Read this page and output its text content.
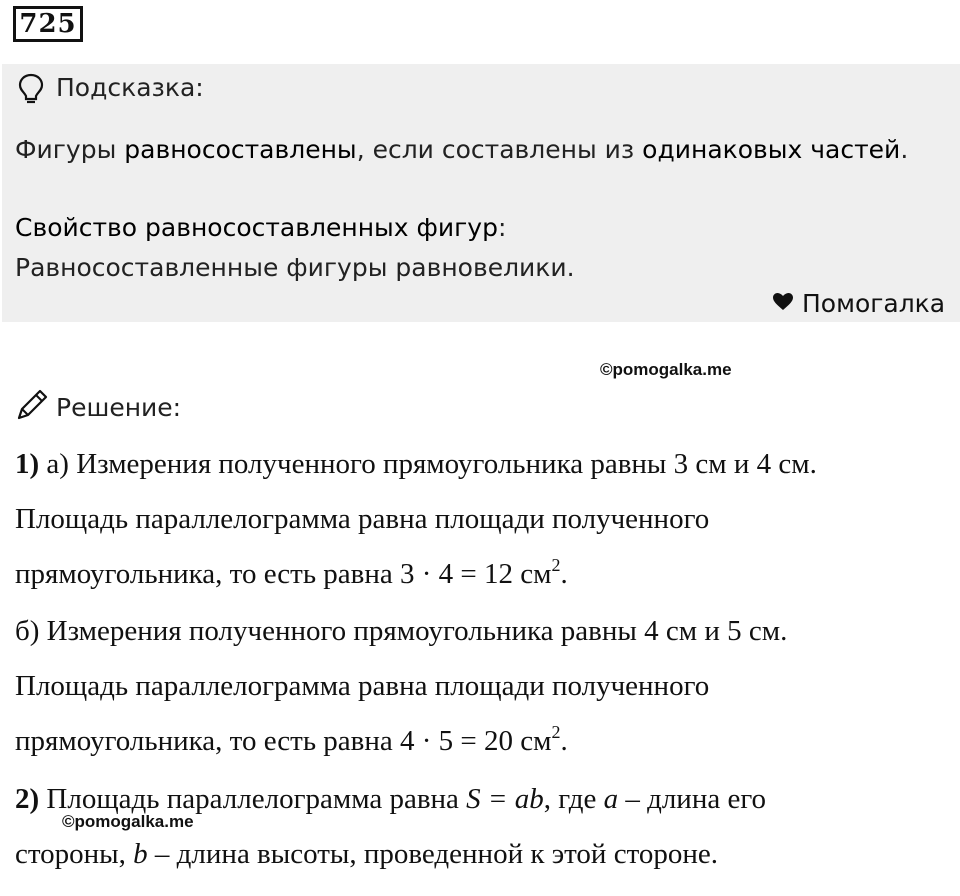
725
Подсказка:
Фигуры равносоставлены, если составлены из одинаковых частей.
Свойство равносоставленных фигур:
Равносоставленные фигуры равновелики.
Помогалка
©pomogalka.me
Решение:
1) а) Измерения полученного прямоугольника равны 3 см и 4 см.
Площадь параллелограмма равна площади полученного
прямоугольника, то есть равна 3 · 4 = 12 $см^2$.
б) Измерения полученного прямоугольника равны 4 см и 5 см.
Площадь параллелограмма равна площади полученного
прямоугольника, то есть равна 4 · 5 = 20 $см^2$.
2) Площадь параллелограмма равна S = ab, где a – длина его
©pomogalka.me
стороны, b – длина высоты, проведенной к этой стороне.
